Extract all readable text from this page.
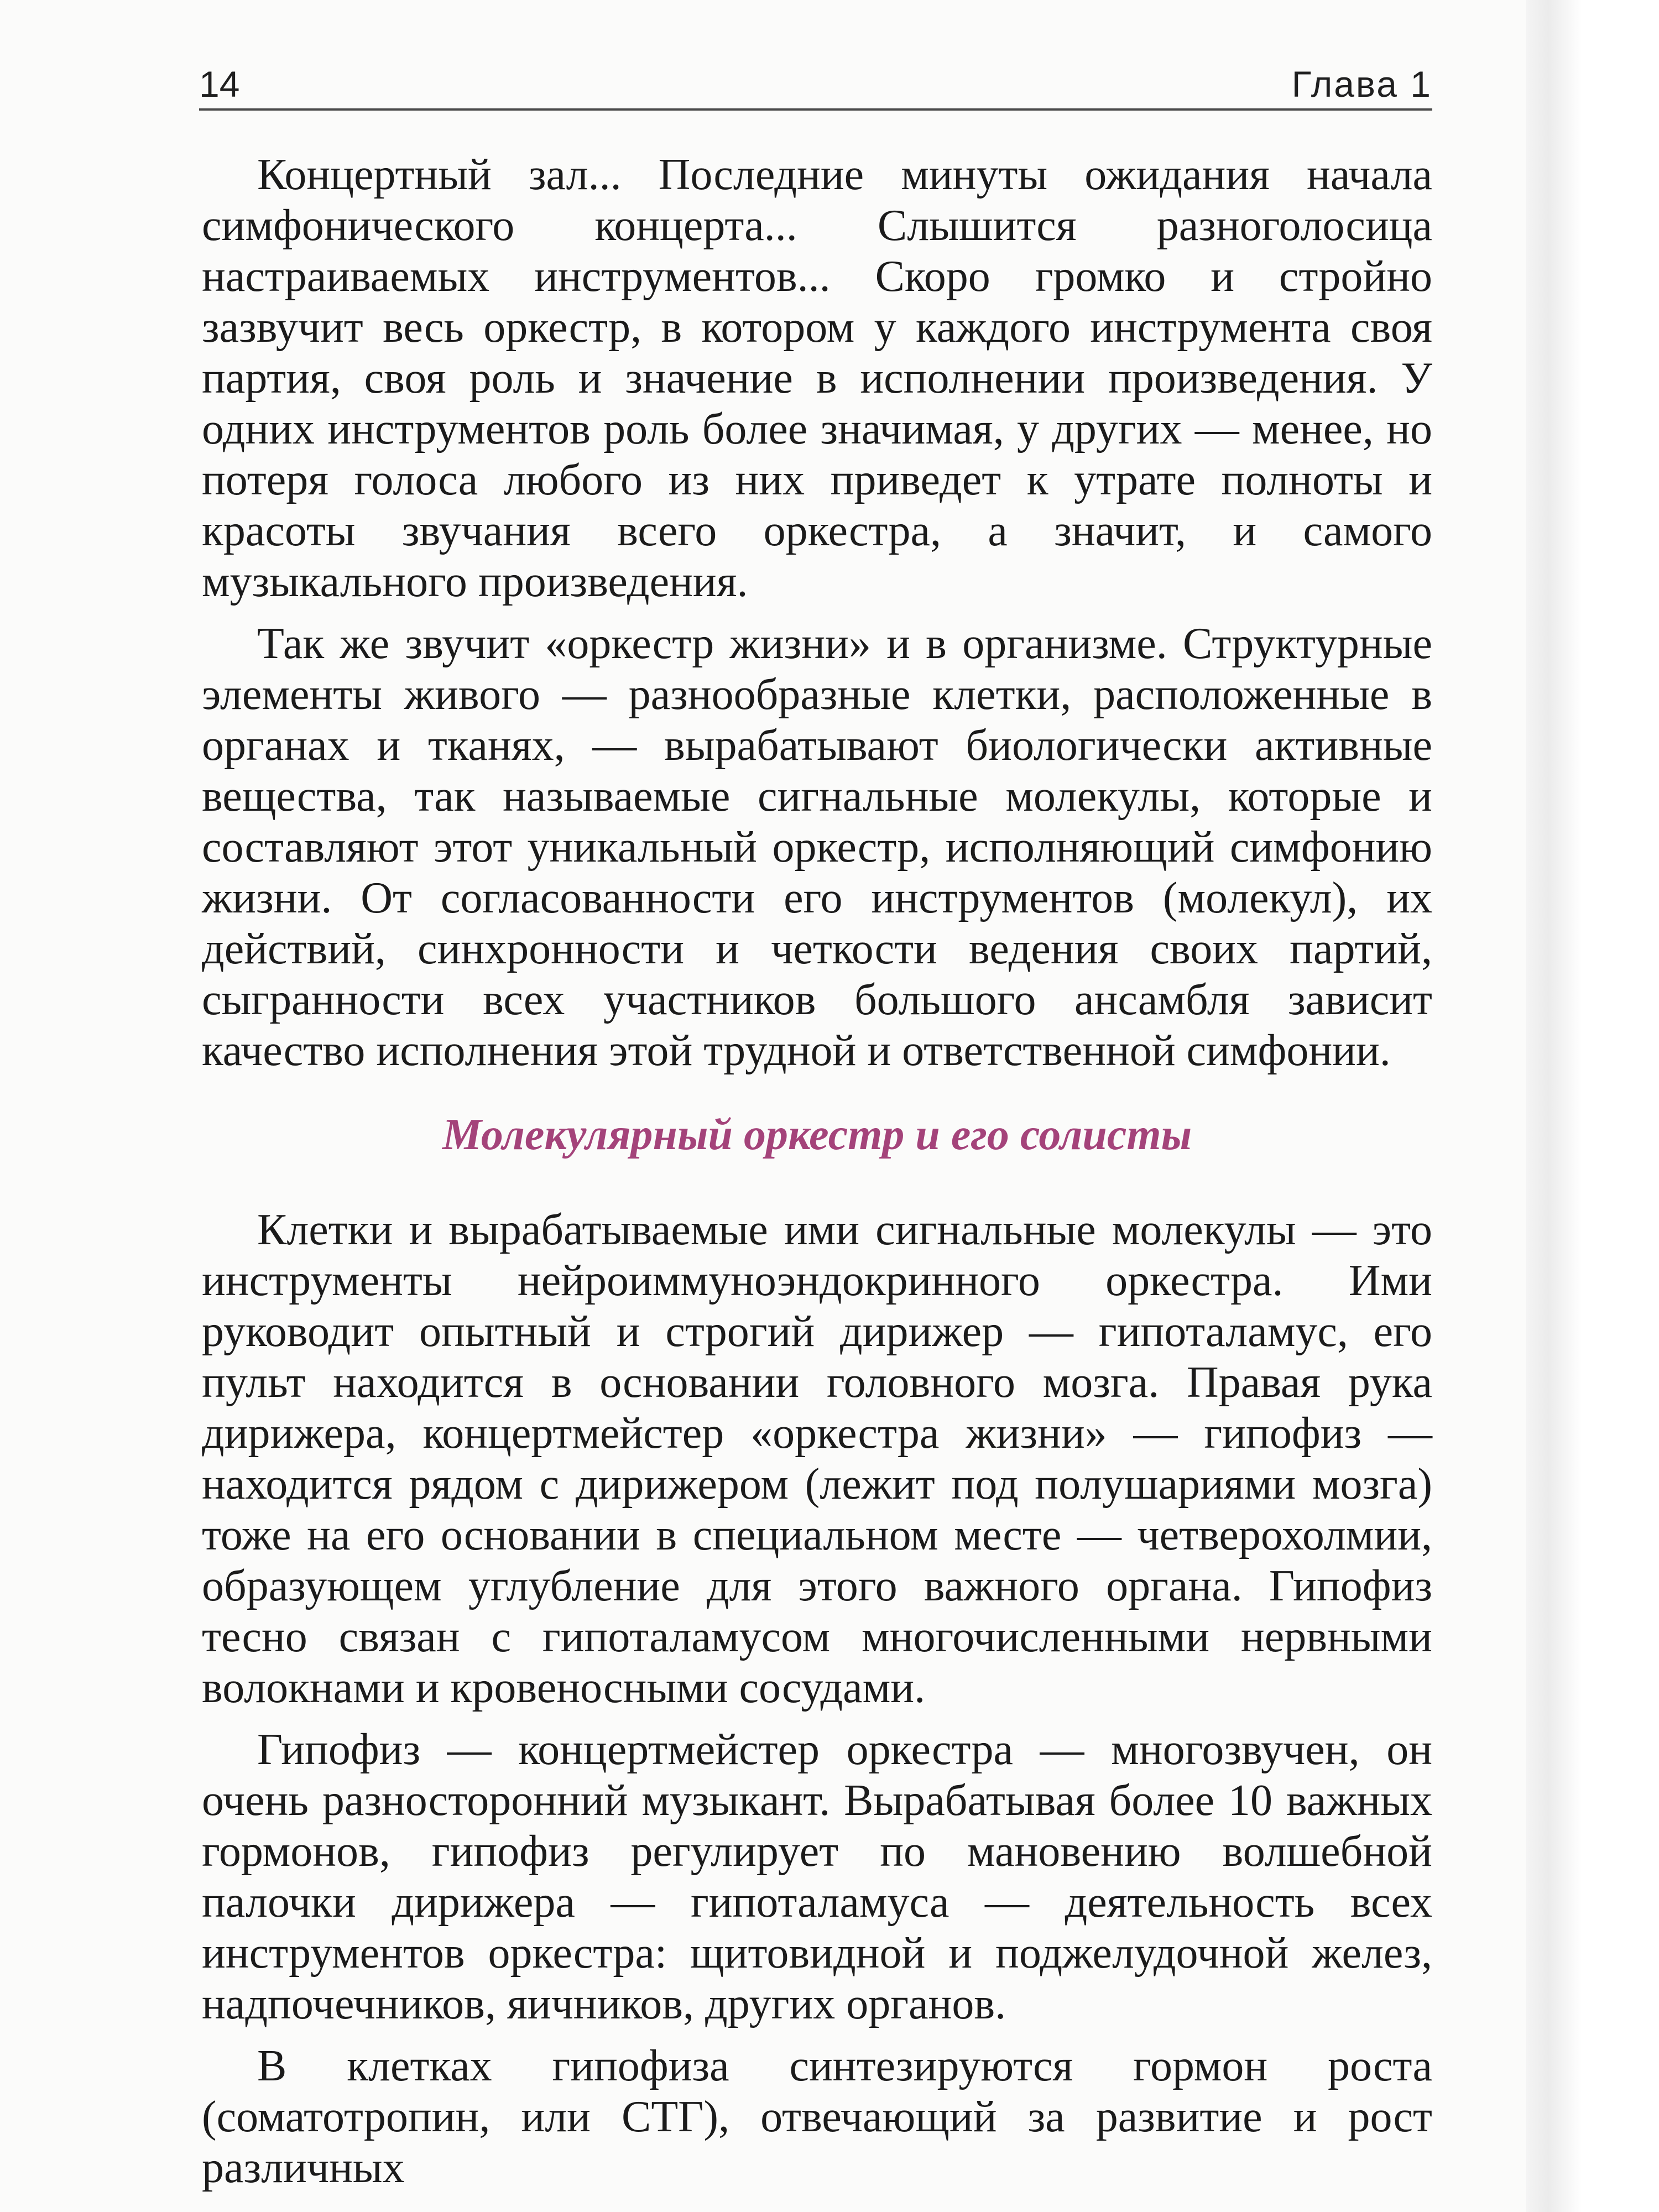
14	Глава 1

Концертный зал... Последние минуты ожидания начала симфонического концерта... Слышится разноголосица настраиваемых инструментов... Скоро громко и стройно зазвучит весь оркестр, в котором у каждого инструмента своя партия, своя роль и значение в исполнении произведения. У одних инструментов роль более значимая, у других — менее, но потеря голоса любого из них приведет к утрате полноты и красоты звучания всего оркестра, а значит, и самого музыкального произведения.

Так же звучит «оркестр жизни» и в организме. Структурные элементы живого — разнообразные клетки, расположенные в органах и тканях, — вырабатывают биологически активные вещества, так называемые сигнальные молекулы, которые и составляют этот уникальный оркестр, исполняющий симфонию жизни. От согласованности его инструментов (молекул), их действий, синхронности и четкости ведения своих партий, сыгранности всех участников большого ансамбля зависит качество исполнения этой трудной и ответственной симфонии.

Молекулярный оркестр и его солисты

Клетки и вырабатываемые ими сигнальные молекулы — это инструменты нейроиммуноэндокринного оркестра. Ими руководит опытный и строгий дирижер — гипоталамус, его пульт находится в основании головного мозга. Правая рука дирижера, концертмейстер «оркестра жизни» — гипофиз — находится рядом с дирижером (лежит под полушариями мозга) тоже на его основании в специальном месте — четверохолмии, образующем углубление для этого важного органа. Гипофиз тесно связан с гипоталамусом многочисленными нервными волокнами и кровеносными сосудами.

Гипофиз — концертмейстер оркестра — многозвучен, он очень разносторонний музыкант. Вырабатывая более 10 важных гормонов, гипофиз регулирует по мановению волшебной палочки дирижера — гипоталамуса — деятельность всех инструментов оркестра: щитовидной и поджелудочной желез, надпочечников, яичников, других органов.

В клетках гипофиза синтезируются гормон роста (соматотропин, или СТГ), отвечающий за развитие и рост различных
